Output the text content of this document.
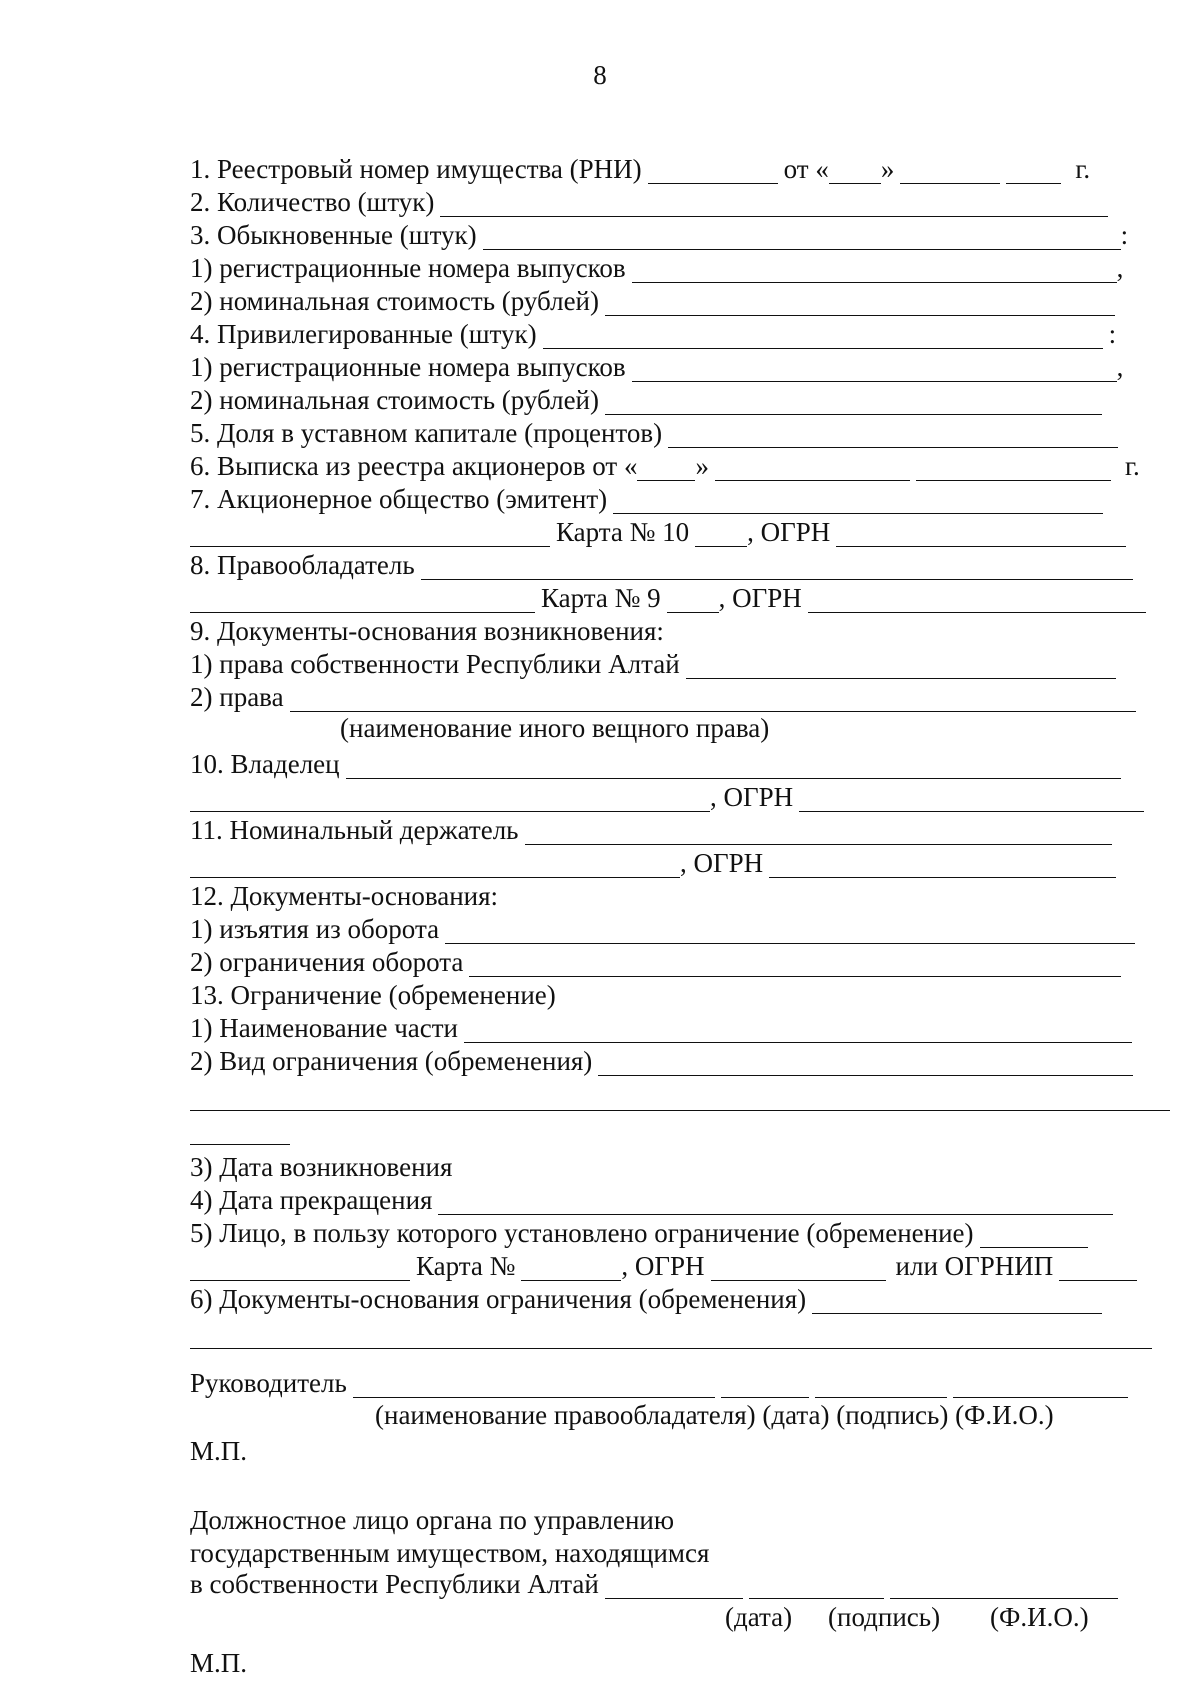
8
1. Реестровый номер имущества (РНИ)	от « »	г.
2. Количество (штук)
3. Обыкновенные (штук)	:
1) регистрационные номера выпусков	,
2) номинальная стоимость (рублей)
4. Привилегированные (штук)	:
1) регистрационные номера выпусков	,
2) номинальная стоимость (рублей)
5. Доля в уставном капитале (процентов)
6. Выписка из реестра акционеров от « »	г.
7. Акционерное общество (эмитент)
Карта № 10 , ОГРН
8. Правообладатель
Карта № 9 , ОГРН
9. Документы-основания возникновения:
1) права собственности Республики Алтай
2) права
(наименование иного вещного права)
10. Владелец
, ОГРН
11. Номинальный держатель
, ОГРН
12. Документы-основания:
1) изъятия из оборота
2) ограничения оборота
13. Ограничение (обременение)
1) Наименование части
2) Вид ограничения (обременения)
3) Дата возникновения
4) Дата прекращения
5) Лицо, в пользу которого установлено ограничение (обременение)
Карта №	, ОГРН	или ОГРНИП
6) Документы-основания ограничения (обременения)
Руководитель
(наименование правообладателя) (дата) (подпись) (Ф.И.О.)
М.П.
Должностное лицо органа по управлению
государственным имуществом, находящимся
в собственности Республики Алтай
(дата) (подпись) (Ф.И.О.)
М.П.
